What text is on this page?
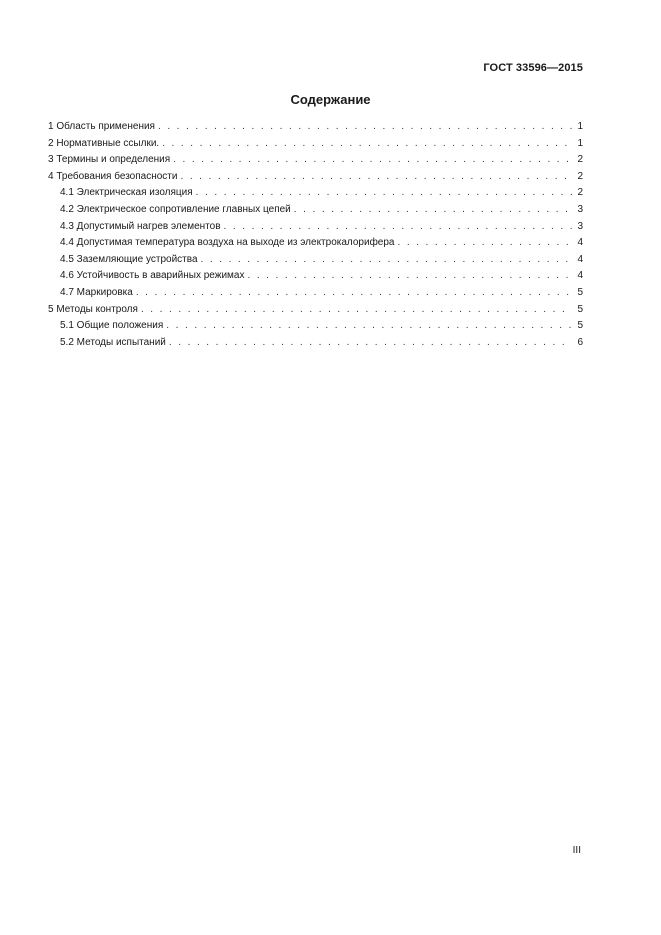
ГОСТ 33596—2015
Содержание
1 Область применения . . .	1
2 Нормативные ссылки. . . .	1
3 Термины и определения . . .	2
4 Требования безопасности . . .	2
4.1 Электрическая изоляция . . .	2
4.2 Электрическое сопротивление главных цепей . . .	3
4.3 Допустимый нагрев элементов . . .	3
4.4 Допустимая температура воздуха на выходе из электрокалорифера . . .	4
4.5 Заземляющие устройства . . .	4
4.6 Устойчивость в аварийных режимах . . .	4
4.7 Маркировка . . .	5
5 Методы контроля . . .	5
5.1 Общие положения . . .	5
5.2 Методы испытаний . . .	6
III
